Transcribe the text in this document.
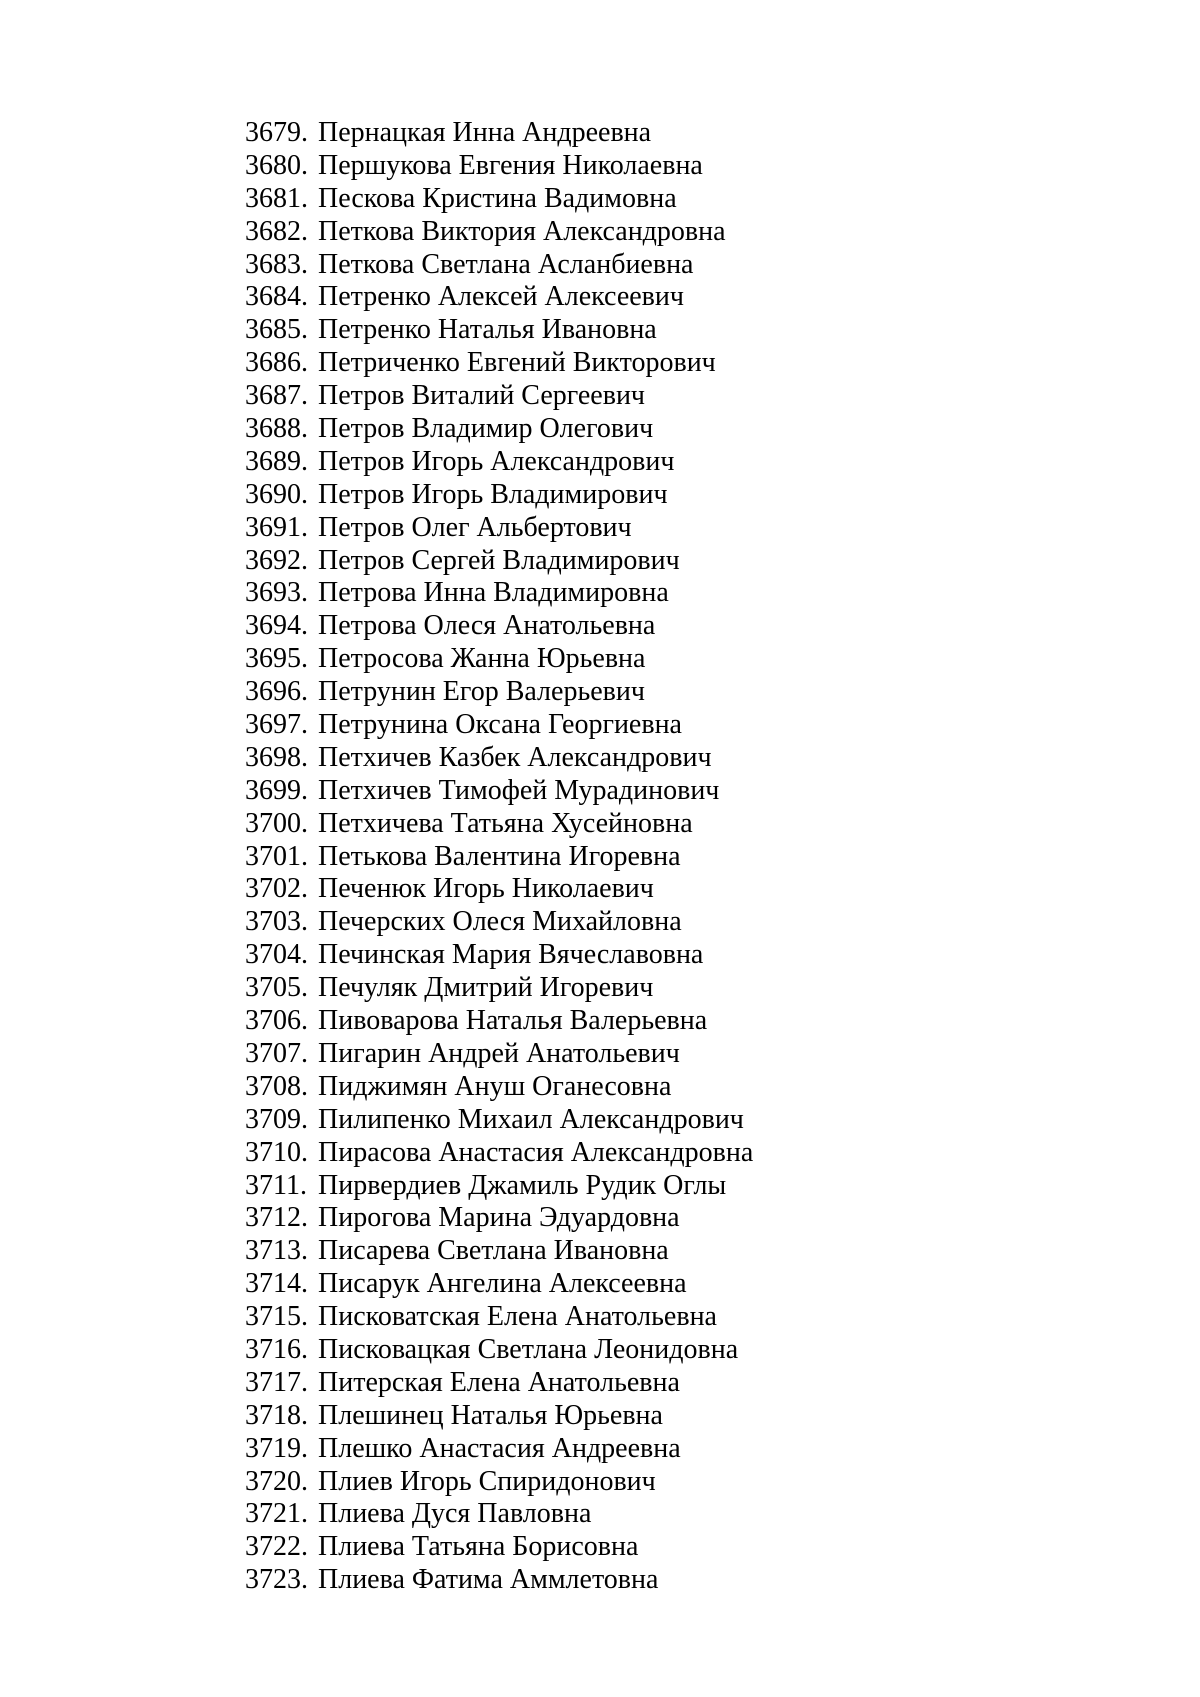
3679. Пернацкая Инна Андреевна
3680. Першукова Евгения Николаевна
3681. Пескова Кристина Вадимовна
3682. Петкова Виктория Александровна
3683. Петкова Светлана Асланбиевна
3684. Петренко Алексей Алексеевич
3685. Петренко Наталья Ивановна
3686. Петриченко Евгений Викторович
3687. Петров Виталий Сергеевич
3688. Петров Владимир Олегович
3689. Петров Игорь Александрович
3690. Петров Игорь Владимирович
3691. Петров Олег Альбертович
3692. Петров Сергей Владимирович
3693. Петрова Инна Владимировна
3694. Петрова Олеся Анатольевна
3695. Петросова Жанна Юрьевна
3696. Петрунин Егор Валерьевич
3697. Петрунина Оксана Георгиевна
3698. Петхичев Казбек Александрович
3699. Петхичев Тимофей Мурадинович
3700. Петхичева Татьяна Хусейновна
3701. Петькова Валентина Игоревна
3702. Печенюк Игорь Николаевич
3703. Печерских Олеся Михайловна
3704. Печинская Мария Вячеславовна
3705. Печуляк Дмитрий Игоревич
3706. Пивоварова Наталья Валерьевна
3707. Пигарин Андрей Анатольевич
3708. Пиджимян Ануш Оганесовна
3709. Пилипенко Михаил Александрович
3710. Пирасова Анастасия Александровна
3711. Пирвердиев Джамиль Рудик Оглы
3712. Пирогова Марина Эдуардовна
3713. Писарева Светлана Ивановна
3714. Писарук Ангелина Алексеевна
3715. Писковатская Елена Анатольевна
3716. Писковацкая Светлана Леонидовна
3717. Питерская Елена Анатольевна
3718. Плешинец Наталья Юрьевна
3719. Плешко Анастасия Андреевна
3720. Плиев Игорь Спиридонович
3721. Плиева Дуся Павловна
3722. Плиева Татьяна Борисовна
3723. Плиева Фатима Аммлетовна
